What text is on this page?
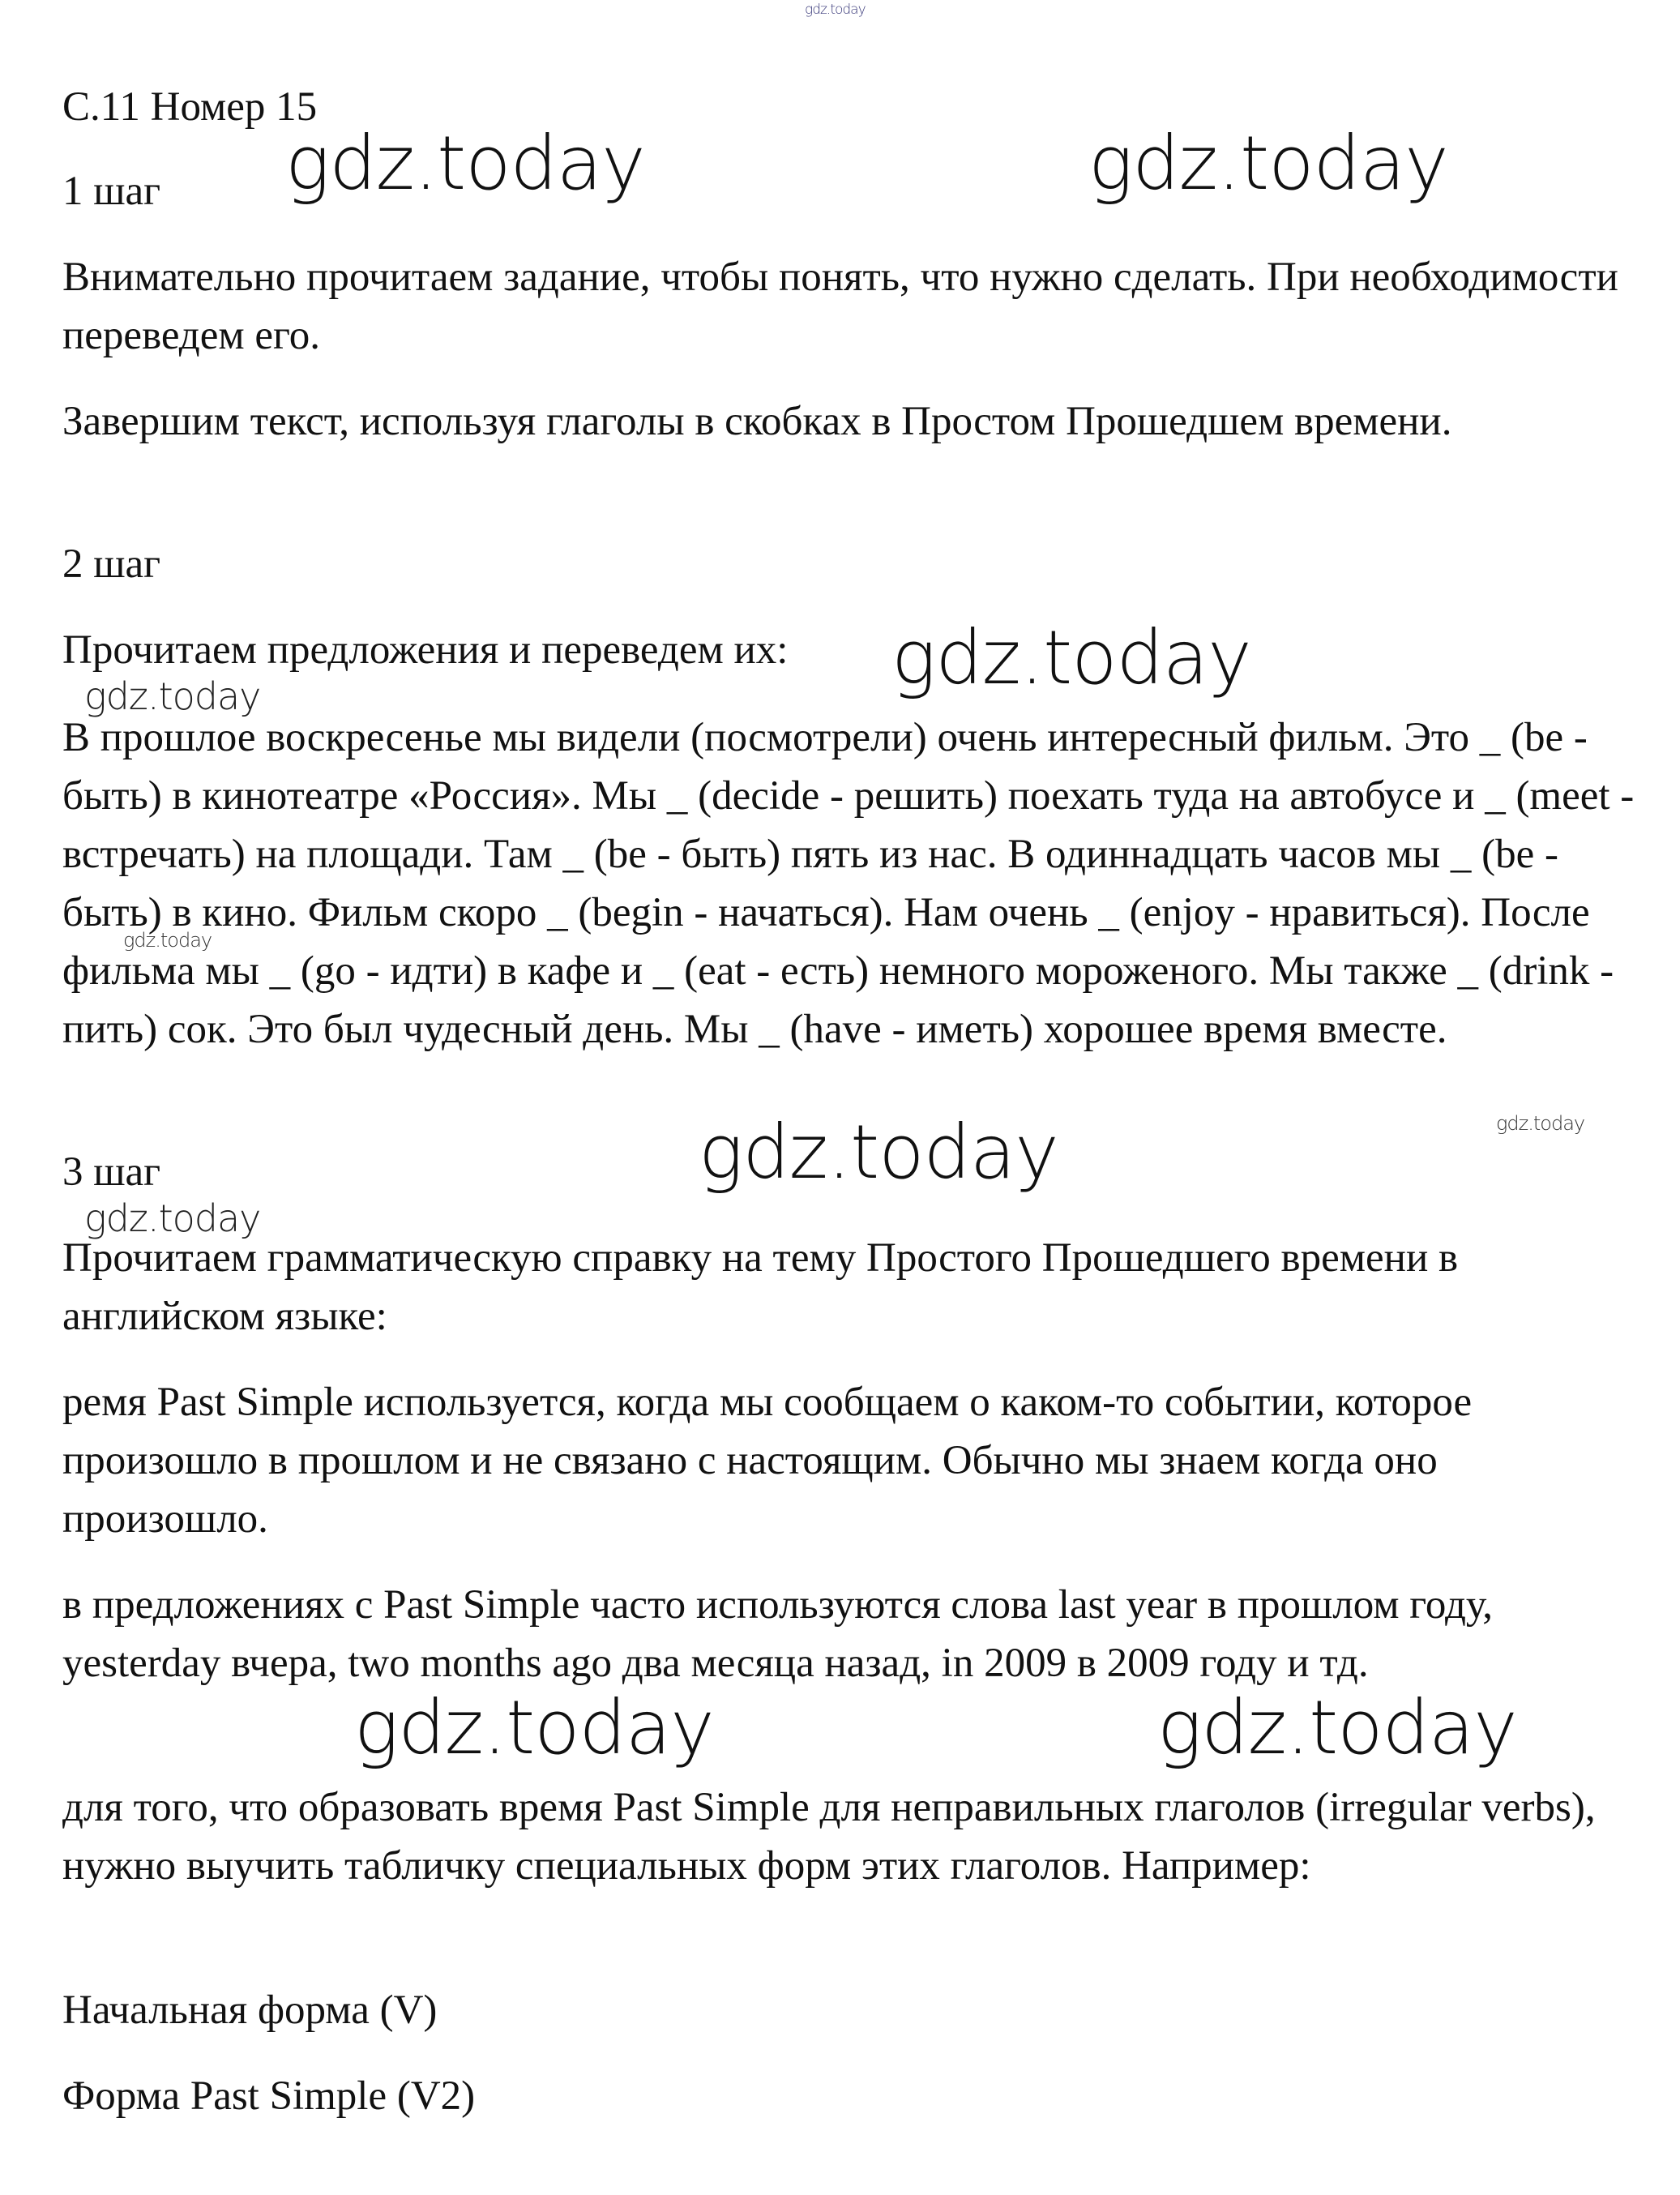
gdz.today
С.11 Номер 15
1 шаг gdz.today	gdz.today
Внимательно прочитаем задание, чтобы понять, что нужно сделать. При необходимости переведем его.
Завершим текст, используя глаголы в скобках в Простом Прошедшем времени.
2 шаг
Прочитаем предложения и переведем их: gdz.today
gdz.today
В прошлое воскресенье мы видели (посмотрели) очень интересный фильм. Это _ (be - быть) в кинотеатре «Россия». Мы _ (decide - решить) поехать туда на автобусе и _ (meet - встречать) на площади. Там _ (be - быть) пять из нас. В одиннадцать часов мы _ (be - быть) в кино. Фильм скоро _ (begin - начаться). Нам очень _ (enjoy - нравиться). После фильма мы _ (go - идти) в кафе и _ (eat - есть) немного мороженого. Мы также _ (drink - пить) сок. Это был чудесный день. Мы _ (have - иметь) хорошее время вместе.
gdz.today
gdz.today
3 шаг	gdz.today
gdz.today
Прочитаем грамматическую справку на тему Простого Прошедшего времени в английском языке:
ремя Past Simple используется, когда мы сообщаем о каком-то событии, которое произошло в прошлом и не связано с настоящим. Обычно мы знаем когда оно произошло.
в предложениях с Past Simple часто используются слова last year в прошлом году, yesterday вчера, two months ago два месяца назад, in 2009 в 2009 году и тд.
gdz.today	gdz.today
для того, что образовать время Past Simple для неправильных глаголов (irregular verbs), нужно выучить табличку специальных форм этих глаголов. Например:
Начальная форма (V)
Форма Past Simple (V2)
